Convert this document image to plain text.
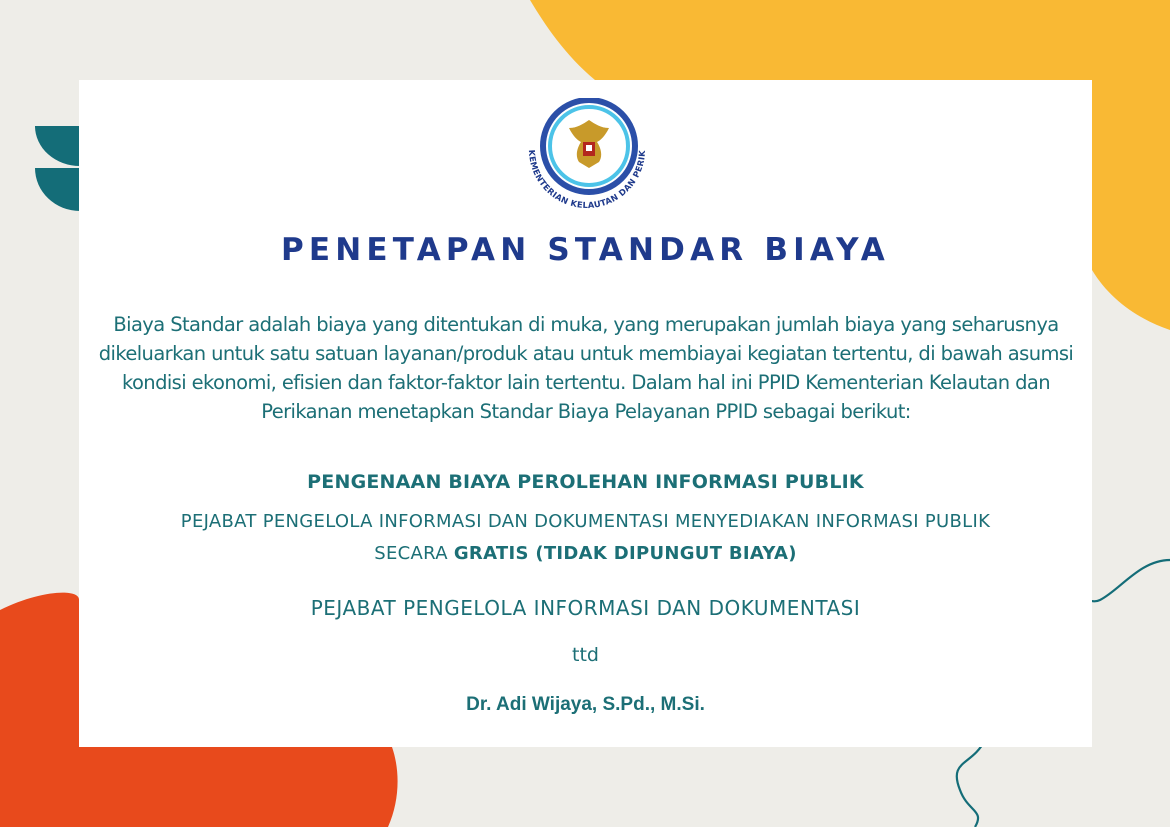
KEMENTERIAN KELAUTAN DAN PERIK
PENETAPAN STANDAR BIAYA
Biaya Standar adalah biaya yang ditentukan di muka, yang merupakan jumlah biaya yang seharusnya
dikeluarkan untuk satu satuan layanan/produk atau untuk membiayai kegiatan tertentu, di bawah asumsi
kondisi ekonomi, efisien dan faktor-faktor lain tertentu. Dalam hal ini PPID Kementerian Kelautan dan
Perikanan menetapkan Standar Biaya Pelayanan PPID sebagai berikut:
PENGENAAN BIAYA PEROLEHAN INFORMASI PUBLIK
PEJABAT PENGELOLA INFORMASI DAN DOKUMENTASI MENYEDIAKAN INFORMASI PUBLIK
SECARA GRATIS (TIDAK DIPUNGUT BIAYA)
PEJABAT PENGELOLA INFORMASI DAN DOKUMENTASI
ttd
Dr. Adi Wijaya, S.Pd., M.Si.
